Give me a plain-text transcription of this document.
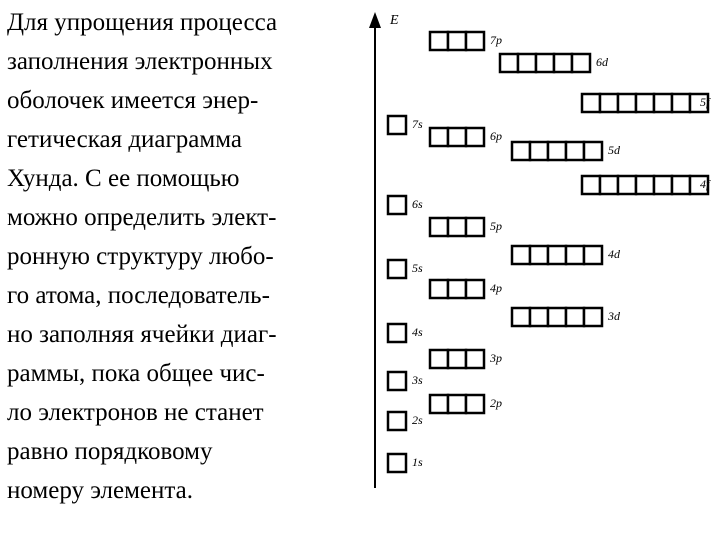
Для упрощения процесса
заполнения электронных
оболочек имеется энер-
гетическая диаграмма
Хунда. С ее помощью
можно определить элект-
ронную структуру любо-
го атома, последователь-
но заполняя ячейки диаг-
раммы, пока общее чис-
ло электронов не станет
равно порядковому
номеру элемента.
E
1s
2s
2p
3s
3p
4s
3d
4p
5s
4d
5p
6s
4f
5d
6p
7s
5f
6d
7p
